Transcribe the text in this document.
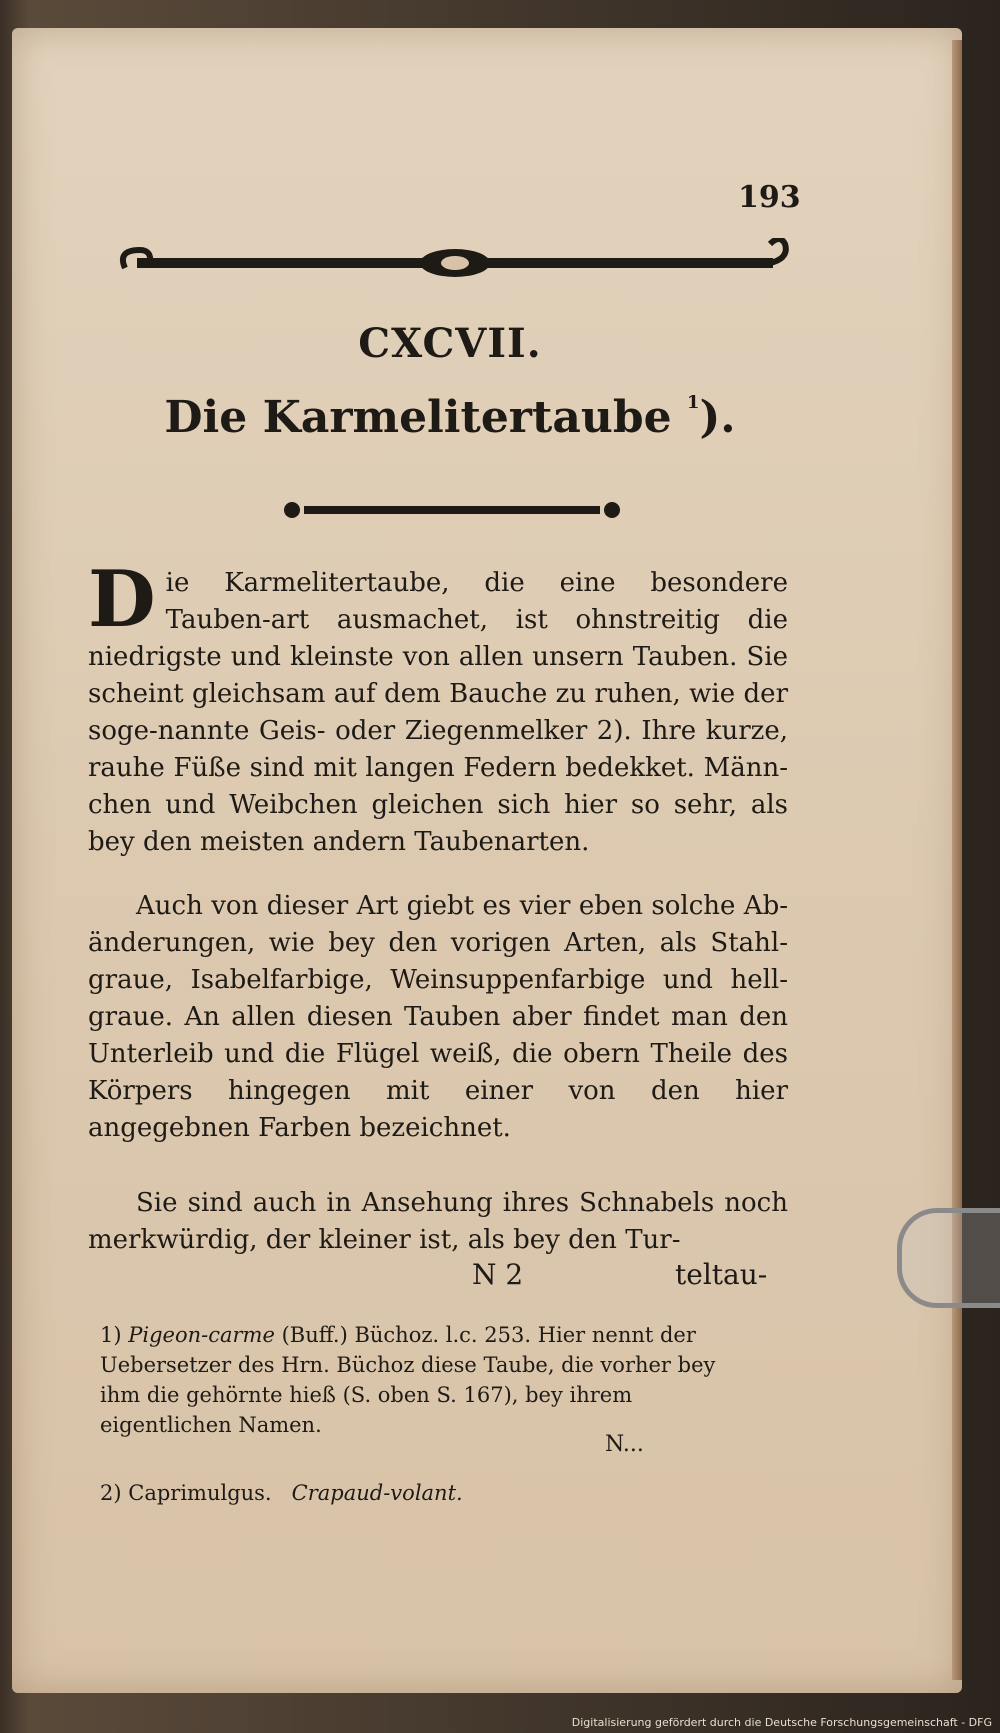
193
CXCVII.
Die Karmelitertaube $^1$).
Die Karmelitertaube, die eine besondere Tauben-art ausmachet, ist ohnstreitig die niedrigste und kleinste von allen unsern Tauben. Sie scheint gleichsam auf dem Bauche zu ruhen, wie der soge-nannte Geis- oder Ziegenmelker 2). Ihre kurze, rauhe Füße sind mit langen Federn bedekket. Männ-chen und Weibchen gleichen sich hier so sehr, als bey den meisten andern Taubenarten.
Auch von dieser Art giebt es vier eben solche Ab-änderungen, wie bey den vorigen Arten, als Stahl-graue, Isabelfarbige, Weinsuppenfarbige und hell-graue. An allen diesen Tauben aber findet man den Unterleib und die Flügel weiß, die obern Theile des Körpers hingegen mit einer von den hier angegebnen Farben bezeichnet.
Sie sind auch in Ansehung ihres Schnabels noch merkwürdig, der kleiner ist, als bey den Tur-
N 2	teltau-
1) Pigeon-carme (Buff.) Büchoz. l.c. 253. Hier nennt der Uebersetzer des Hrn. Büchoz diese Taube, die vorher bey ihm die gehörnte hieß (S. oben S. 167), bey ihrem eigentlichen Namen.
N...
2) Caprimulgus. Crapaud-volant.
Digitalisierung gefördert durch die Deutsche Forschungsgemeinschaft - DFG
